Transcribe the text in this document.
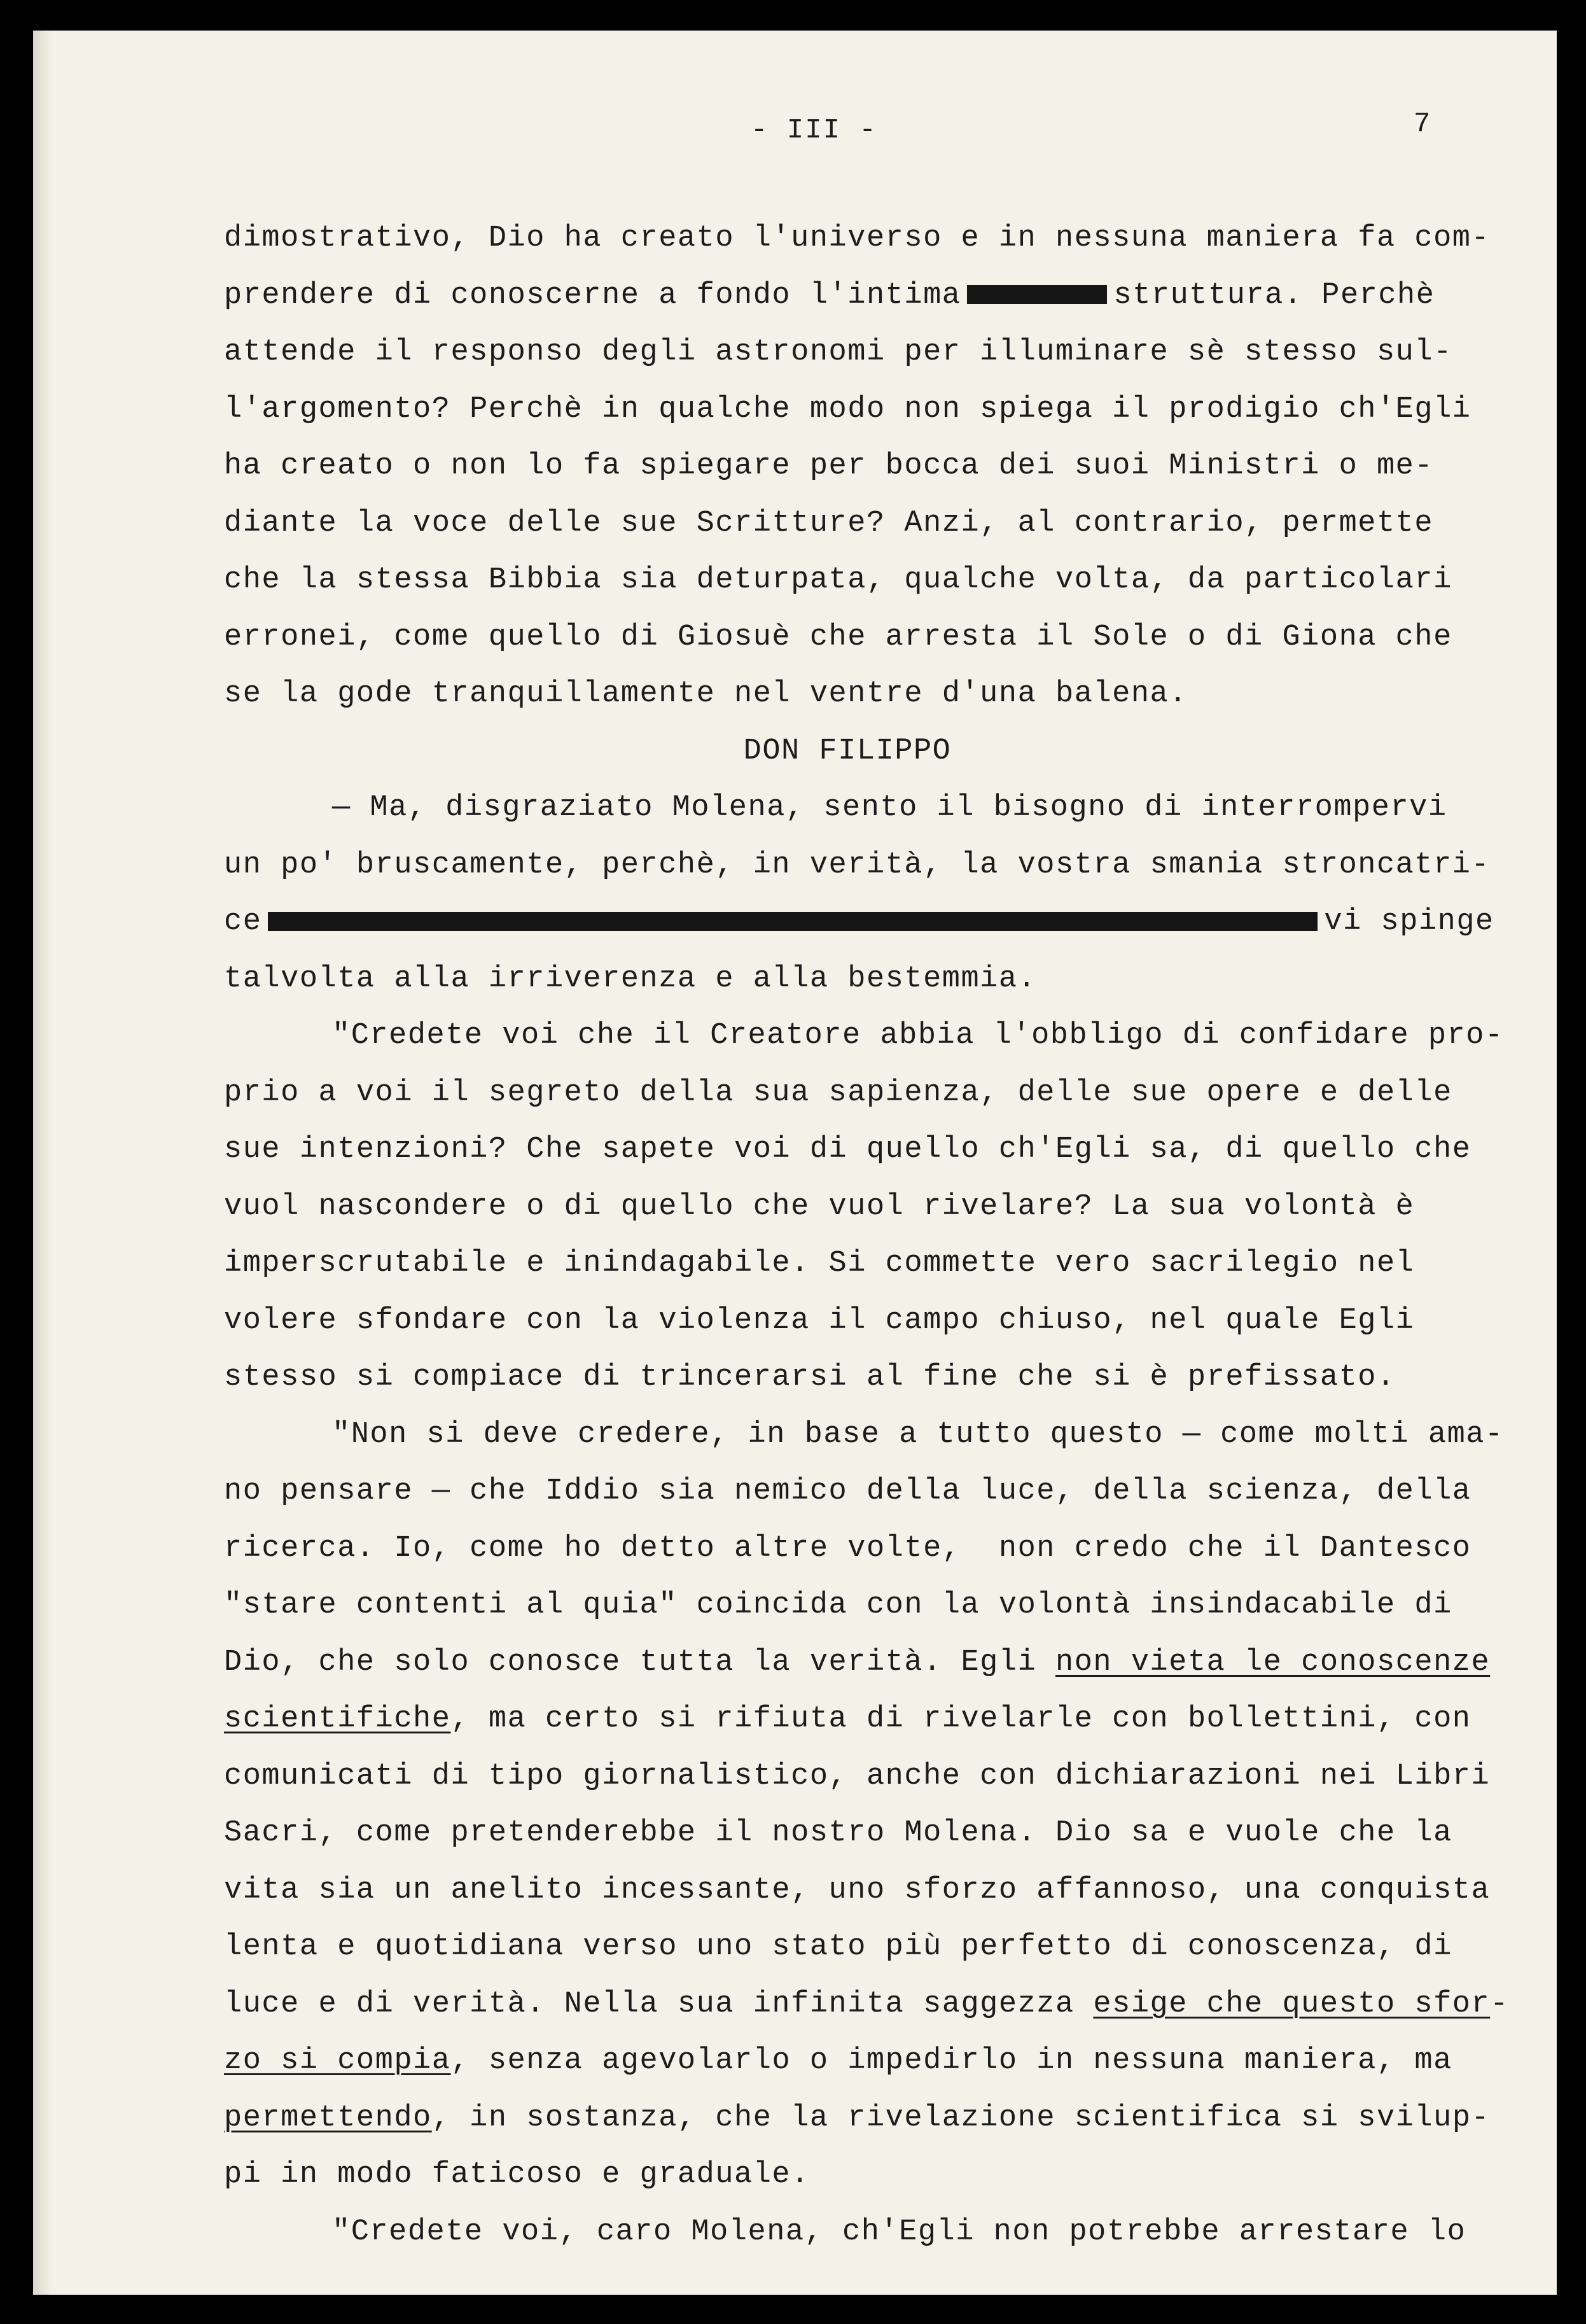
- III -	7
dimostrativo, Dio ha creato l'universo e in nessuna maniera fa com-
prendere di conoscerne a fondo l'intima	struttura. Perchè
attende il responso degli astronomi per illuminare sè stesso sul-
l'argomento? Perchè in qualche modo non spiega il prodigio ch'Egli
ha creato o non lo fa spiegare per bocca dei suoi Ministri o me-
diante la voce delle sue Scritture? Anzi, al contrario, permette
che la stessa Bibbia sia deturpata, qualche volta, da particolari
erronei, come quello di Giosuè che arresta il Sole o di Giona che
se la gode tranquillamente nel ventre d'una balena.
DON FILIPPO
— Ma, disgraziato Molena, sento il bisogno di interrompervi
un po' bruscamente, perchè, in verità, la vostra smania stroncatri-
ce	vi spinge
talvolta alla irriverenza e alla bestemmia.
"Credete voi che il Creatore abbia l'obbligo di confidare pro-
prio a voi il segreto della sua sapienza, delle sue opere e delle
sue intenzioni? Che sapete voi di quello ch'Egli sa, di quello che
vuol nascondere o di quello che vuol rivelare? La sua volontà è
imperscrutabile e inindagabile. Si commette vero sacrilegio nel
volere sfondare con la violenza il campo chiuso, nel quale Egli
stesso si compiace di trincerarsi al fine che si è prefissato.
"Non si deve credere, in base a tutto questo — come molti ama-
no pensare — che Iddio sia nemico della luce, della scienza, della
ricerca. Io, come ho detto altre volte,  non credo che il Dantesco
"stare contenti al quia" coincida con la volontà insindacabile di
Dio, che solo conosce tutta la verità. Egli non vieta le conoscenze
scientifiche, ma certo si rifiuta di rivelarle con bollettini, con
comunicati di tipo giornalistico, anche con dichiarazioni nei Libri
Sacri, come pretenderebbe il nostro Molena. Dio sa e vuole che la
vita sia un anelito incessante, uno sforzo affannoso, una conquista
lenta e quotidiana verso uno stato più perfetto di conoscenza, di
luce e di verità. Nella sua infinita saggezza esige che questo sfor-
zo si compia, senza agevolarlo o impedirlo in nessuna maniera, ma
permettendo, in sostanza, che la rivelazione scientifica si svilup-
pi in modo faticoso e graduale.
"Credete voi, caro Molena, ch'Egli non potrebbe arrestare lo
